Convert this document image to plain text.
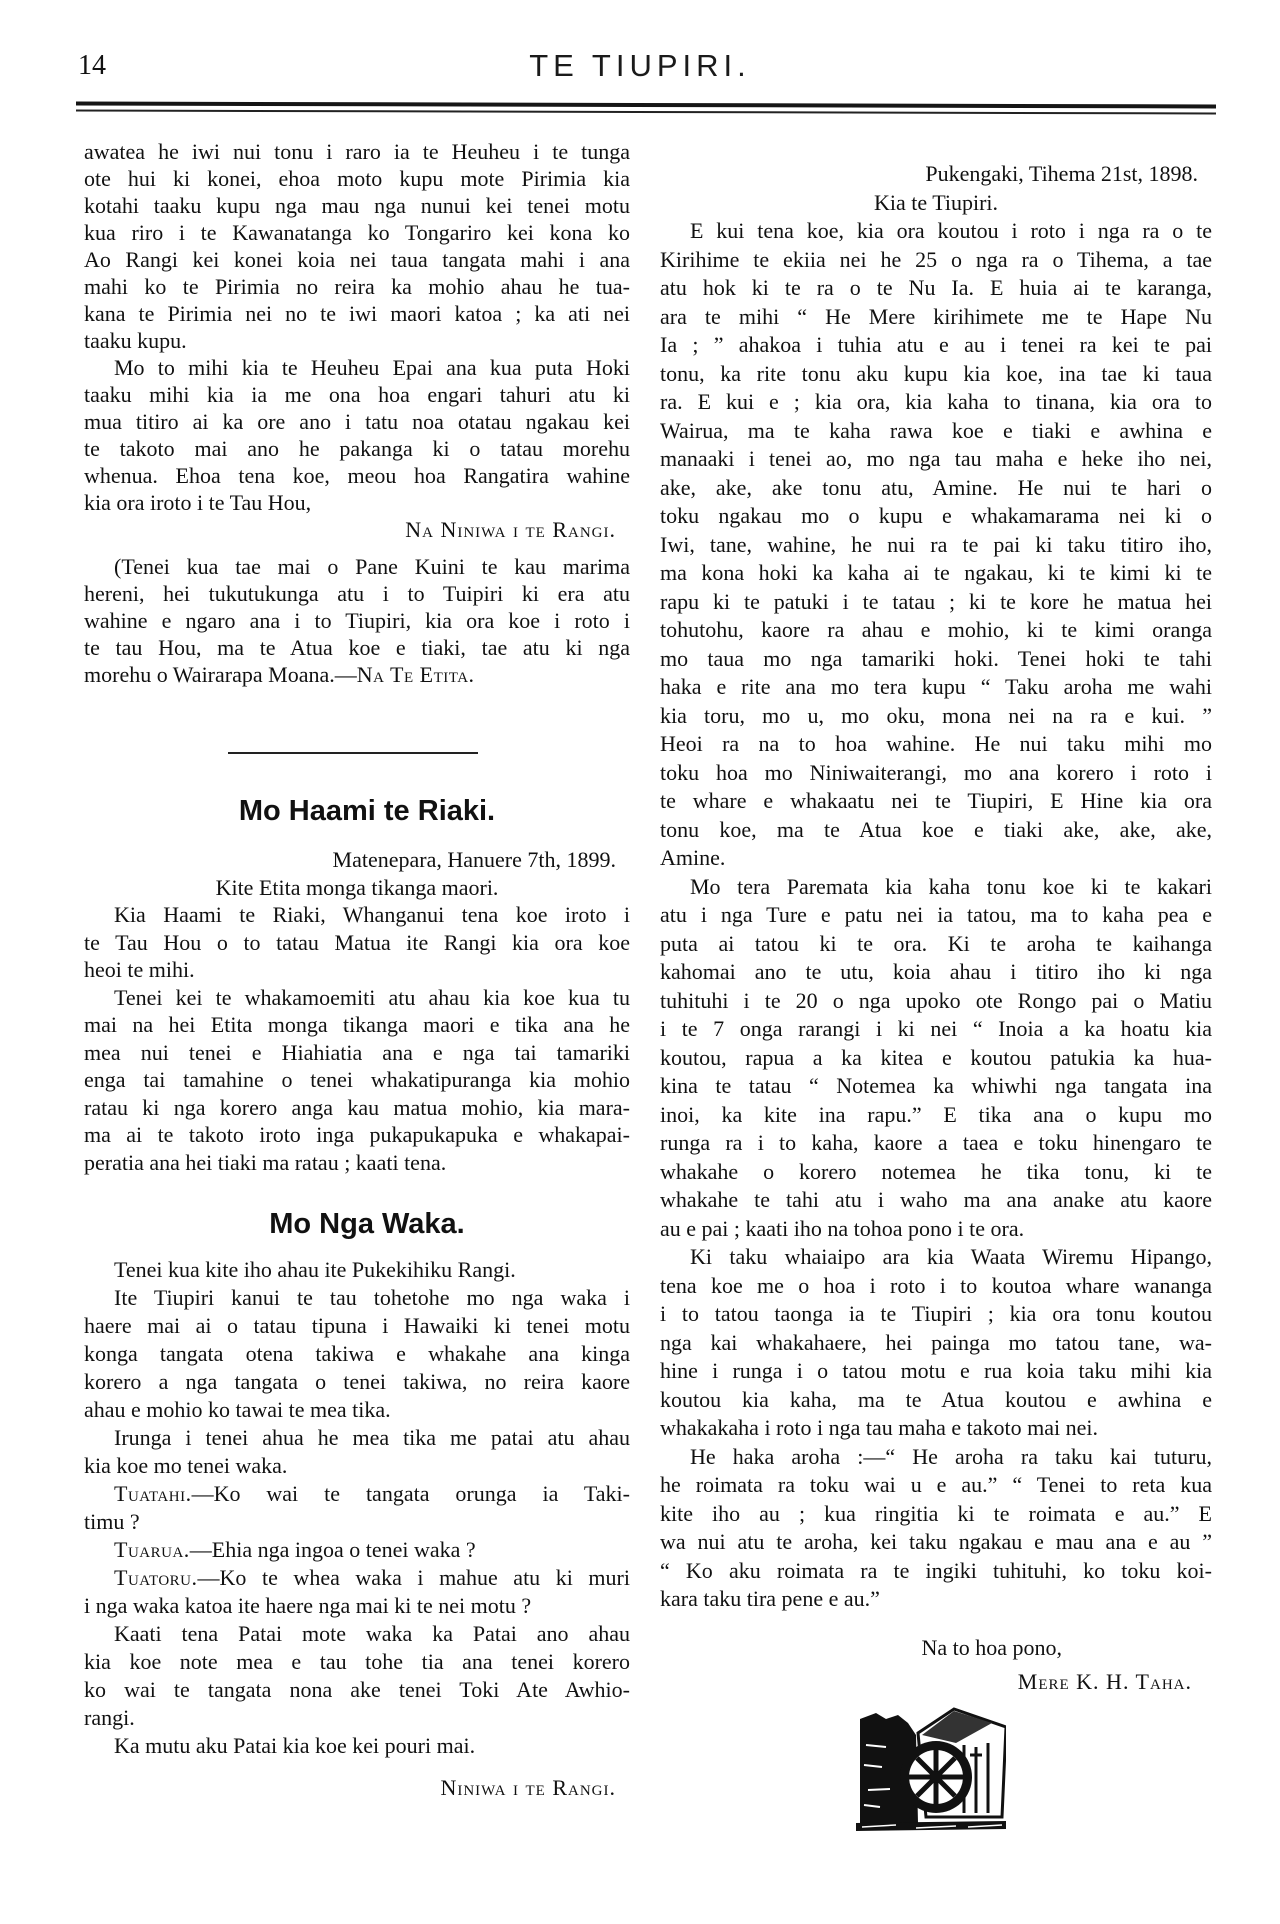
14	TE TIUPIRI.
awatea he iwi nui tonu i raro ia te Heuheu i te tunga
ote hui ki konei, ehoa moto kupu mote Pirimia kia
kotahi taaku kupu nga mau nga nunui kei tenei motu
kua riro i te Kawanatanga ko Tongariro kei kona ko
Ao Rangi kei konei koia nei taua tangata mahi i ana
mahi ko te Pirimia no reira ka mohio ahau he tua-
kana te Pirimia nei no te iwi maori katoa ; ka ati nei
taaku kupu.
Mo to mihi kia te Heuheu Epai ana kua puta Hoki
taaku mihi kia ia me ona hoa engari tahuri atu ki
mua titiro ai ka ore ano i tatu noa otatau ngakau kei
te takoto mai ano he pakanga ki o tatau morehu
whenua. Ehoa tena koe, meou hoa Rangatira wahine
kia ora iroto i te Tau Hou,
Na Niniwa i te Rangi.
(Tenei kua tae mai o Pane Kuini te kau marima
hereni, hei tukutukunga atu i to Tuipiri ki era atu
wahine e ngaro ana i to Tiupiri, kia ora koe i roto i
te tau Hou, ma te Atua koe e tiaki, tae atu ki nga
morehu o Wairarapa Moana.—Na Te Etita.
Mo Haami te Riaki.
Matenepara, Hanuere 7th, 1899.
Kite Etita monga tikanga maori.
Kia Haami te Riaki, Whanganui tena koe iroto i
te Tau Hou o to tatau Matua ite Rangi kia ora koe
heoi te mihi.
Tenei kei te whakamoemiti atu ahau kia koe kua tu
mai na hei Etita monga tikanga maori e tika ana he
mea nui tenei e Hiahiatia ana e nga tai tamariki
enga tai tamahine o tenei whakatipuranga kia mohio
ratau ki nga korero anga kau matua mohio, kia mara-
ma ai te takoto iroto inga pukapukapuka e whakapai-
peratia ana hei tiaki ma ratau ; kaati tena.
Mo Nga Waka.
Tenei kua kite iho ahau ite Pukekihiku Rangi.
Ite Tiupiri kanui te tau tohetohe mo nga waka i
haere mai ai o tatau tipuna i Hawaiki ki tenei motu
konga tangata otena takiwa e whakahe ana kinga
korero a nga tangata o tenei takiwa, no reira kaore
ahau e mohio ko tawai te mea tika.
Irunga i tenei ahua he mea tika me patai atu ahau
kia koe mo tenei waka.
Tuatahi.—Ko wai te tangata orunga ia Taki-
timu ?
Tuarua.—Ehia nga ingoa o tenei waka ?
Tuatoru.—Ko te whea waka i mahue atu ki muri
i nga waka katoa ite haere nga mai ki te nei motu ?
Kaati tena Patai mote waka ka Patai ano ahau
kia koe note mea e tau tohe tia ana tenei korero
ko wai te tangata nona ake tenei Toki Ate Awhio-
rangi.
Ka mutu aku Patai kia koe kei pouri mai.
Niniwa i te Rangi.
Pukengaki, Tihema 21st, 1898.
Kia te Tiupiri.
E kui tena koe, kia ora koutou i roto i nga ra o te
Kirihime te ekiia nei he 25 o nga ra o Tihema, a tae
atu hok ki te ra o te Nu Ia. E huia ai te karanga,
ara te mihi “ He Mere kirihimete me te Hape Nu
Ia ; ” ahakoa i tuhia atu e au i tenei ra kei te pai
tonu, ka rite tonu aku kupu kia koe, ina tae ki taua
ra. E kui e ; kia ora, kia kaha to tinana, kia ora to
Wairua, ma te kaha rawa koe e tiaki e awhina e
manaaki i tenei ao, mo nga tau maha e heke iho nei,
ake, ake, ake tonu atu, Amine. He nui te hari o
toku ngakau mo o kupu e whakamarama nei ki o
Iwi, tane, wahine, he nui ra te pai ki taku titiro iho,
ma kona hoki ka kaha ai te ngakau, ki te kimi ki te
rapu ki te patuki i te tatau ; ki te kore he matua hei
tohutohu, kaore ra ahau e mohio, ki te kimi oranga
mo taua mo nga tamariki hoki. Tenei hoki te tahi
haka e rite ana mo tera kupu “ Taku aroha me wahi
kia toru, mo u, mo oku, mona nei na ra e kui. ”
Heoi ra na to hoa wahine. He nui taku mihi mo
toku hoa mo Niniwaiterangi, mo ana korero i roto i
te whare e whakaatu nei te Tiupiri, E Hine kia ora
tonu koe, ma te Atua koe e tiaki ake, ake, ake,
Amine.
Mo tera Paremata kia kaha tonu koe ki te kakari
atu i nga Ture e patu nei ia tatou, ma to kaha pea e
puta ai tatou ki te ora. Ki te aroha te kaihanga
kahomai ano te utu, koia ahau i titiro iho ki nga
tuhituhi i te 20 o nga upoko ote Rongo pai o Matiu
i te 7 onga rarangi i ki nei “ Inoia a ka hoatu kia
koutou, rapua a ka kitea e koutou patukia ka hua-
kina te tatau “ Notemea ka whiwhi nga tangata ina
inoi, ka kite ina rapu.” E tika ana o kupu mo
runga ra i to kaha, kaore a taea e toku hinengaro te
whakahe o korero notemea he tika tonu, ki te
whakahe te tahi atu i waho ma ana anake atu kaore
au e pai ; kaati iho na tohoa pono i te ora.
Ki taku whaiaipo ara kia Waata Wiremu Hipango,
tena koe me o hoa i roto i to koutoa whare wananga
i to tatou taonga ia te Tiupiri ; kia ora tonu koutou
nga kai whakahaere, hei painga mo tatou tane, wa-
hine i runga i o tatou motu e rua koia taku mihi kia
koutou kia kaha, ma te Atua koutou e awhina e
whakakaha i roto i nga tau maha e takoto mai nei.
He haka aroha :—“ He aroha ra taku kai tuturu,
he roimata ra toku wai u e au.” “ Tenei to reta kua
kite iho au ; kua ringitia ki te roimata e au.” E
wa nui atu te aroha, kei taku ngakau e mau ana e au ”
“ Ko aku roimata ra te ingiki tuhituhi, ko toku koi-
kara taku tira pene e au.”
Na to hoa pono,
Mere K. H. Taha.
